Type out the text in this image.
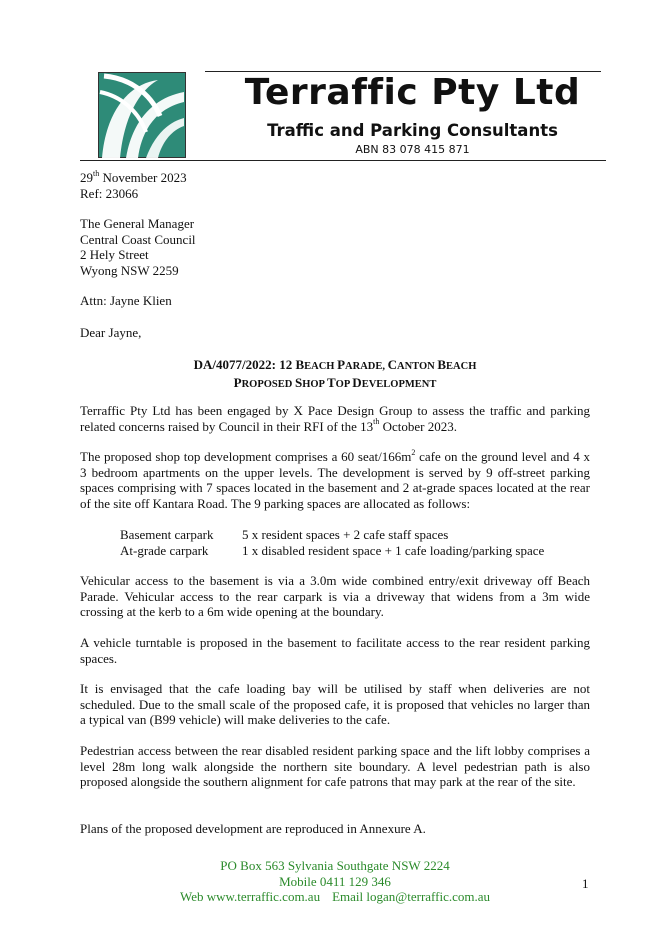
Terraffic Pty Ltd
Traffic and Parking Consultants
ABN 83 078 415 871
29th November 2023
Ref: 23066
The General Manager
Central Coast Council
2 Hely Street
Wyong NSW 2259
Attn: Jayne Klien
Dear Jayne,
DA/4077/2022: 12 BEACH PARADE, CANTON BEACH
PROPOSED SHOP TOP DEVELOPMENT
Terraffic Pty Ltd has been engaged by X Pace Design Group to assess the traffic and parking related concerns raised by Council in their RFI of the 13th October 2023.
The proposed shop top development comprises a 60 seat/$166m^2$ cafe on the ground level and 4 x 3 bedroom apartments on the upper levels. The development is served by 9 off-street parking spaces comprising with 7 spaces located in the basement and 2 at-grade spaces located at the rear of the site off Kantara Road. The 9 parking spaces are allocated as follows:
Basement carpark	5 x resident spaces + 2 cafe staff spaces
At-grade carpark	1 x disabled resident space + 1 cafe loading/parking space
Vehicular access to the basement is via a 3.0m wide combined entry/exit driveway off Beach Parade. Vehicular access to the rear carpark is via a driveway that widens from a 3m wide crossing at the kerb to a 6m wide opening at the boundary.
A vehicle turntable is proposed in the basement to facilitate access to the rear resident parking spaces.
It is envisaged that the cafe loading bay will be utilised by staff when deliveries are not scheduled. Due to the small scale of the proposed cafe, it is proposed that vehicles no larger than a typical van (B99 vehicle) will make deliveries to the cafe.
Pedestrian access between the rear disabled resident parking space and the lift lobby comprises a level 28m long walk alongside the northern site boundary. A level pedestrian path is also proposed alongside the southern alignment for cafe patrons that may park at the rear of the site.
Plans of the proposed development are reproduced in Annexure A.
PO Box 563 Sylvania Southgate NSW 2224
Mobile 0411 129 346
Web www.terraffic.com.au Email logan@terraffic.com.au
1
